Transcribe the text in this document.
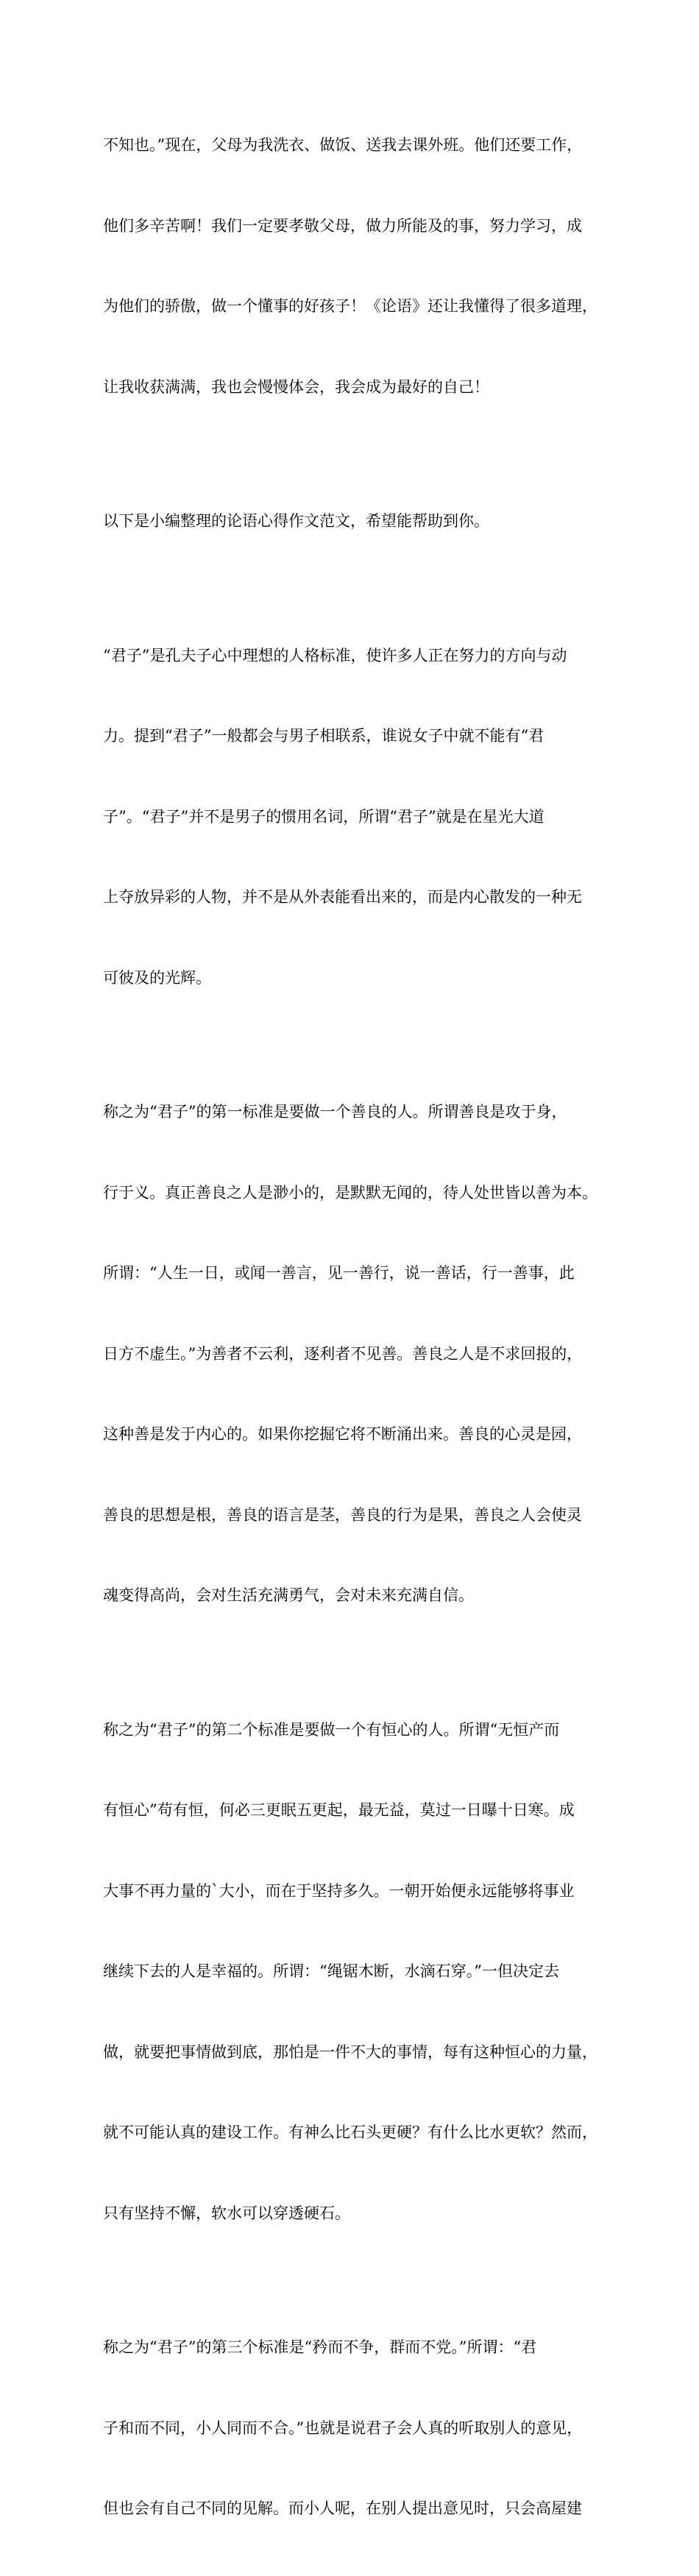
不知也。”现在，父母为我洗衣、做饭、送我去课外班。他们还要工作，

他们多辛苦啊！我们一定要孝敬父母，做力所能及的事，努力学习，成

为他们的骄傲，做一个懂事的好孩子！《论语》还让我懂得了很多道理，

让我收获满满，我也会慢慢体会，我会成为最好的自己！

以下是小编整理的论语心得作文范文，希望能帮助到你。

“君子”是孔夫子心中理想的人格标准，使许多人正在努力的方向与动

力。提到“君子”一般都会与男子相联系，谁说女子中就不能有“君

子”。“君子”并不是男子的惯用名词，所谓“君子”就是在星光大道

上夺放异彩的人物，并不是从外表能看出来的，而是内心散发的一种无

可彼及的光辉。

称之为“君子”的第一标准是要做一个善良的人。所谓善良是攻于身，

行于义。真正善良之人是渺小的，是默默无闻的，待人处世皆以善为本。

所谓：“人生一日，或闻一善言，见一善行，说一善话，行一善事，此

日方不虚生。”为善者不云利，逐利者不见善。善良之人是不求回报的，

这种善是发于内心的。如果你挖掘它将不断涌出来。善良的心灵是园，

善良的思想是根，善良的语言是茎，善良的行为是果，善良之人会使灵

魂变得高尚，会对生活充满勇气，会对未来充满自信。

称之为“君子”的第二个标准是要做一个有恒心的人。所谓“无恒产而

有恒心”苟有恒，何必三更眠五更起，最无益，莫过一日曝十日寒。成

大事不再力量的`大小，而在于坚持多久。一朝开始便永远能够将事业

继续下去的人是幸福的。所谓：“绳锯木断，水滴石穿。”一但决定去

做，就要把事情做到底，那怕是一件不大的事情，每有这种恒心的力量，

就不可能认真的建设工作。有神么比石头更硬？有什么比水更软？然而，

只有坚持不懈，软水可以穿透硬石。

称之为“君子”的第三个标准是“矜而不争，群而不党。”所谓：“君

子和而不同，小人同而不合。”也就是说君子会人真的听取别人的意见，

但也会有自己不同的见解。而小人呢，在别人提出意见时，只会高屋建
